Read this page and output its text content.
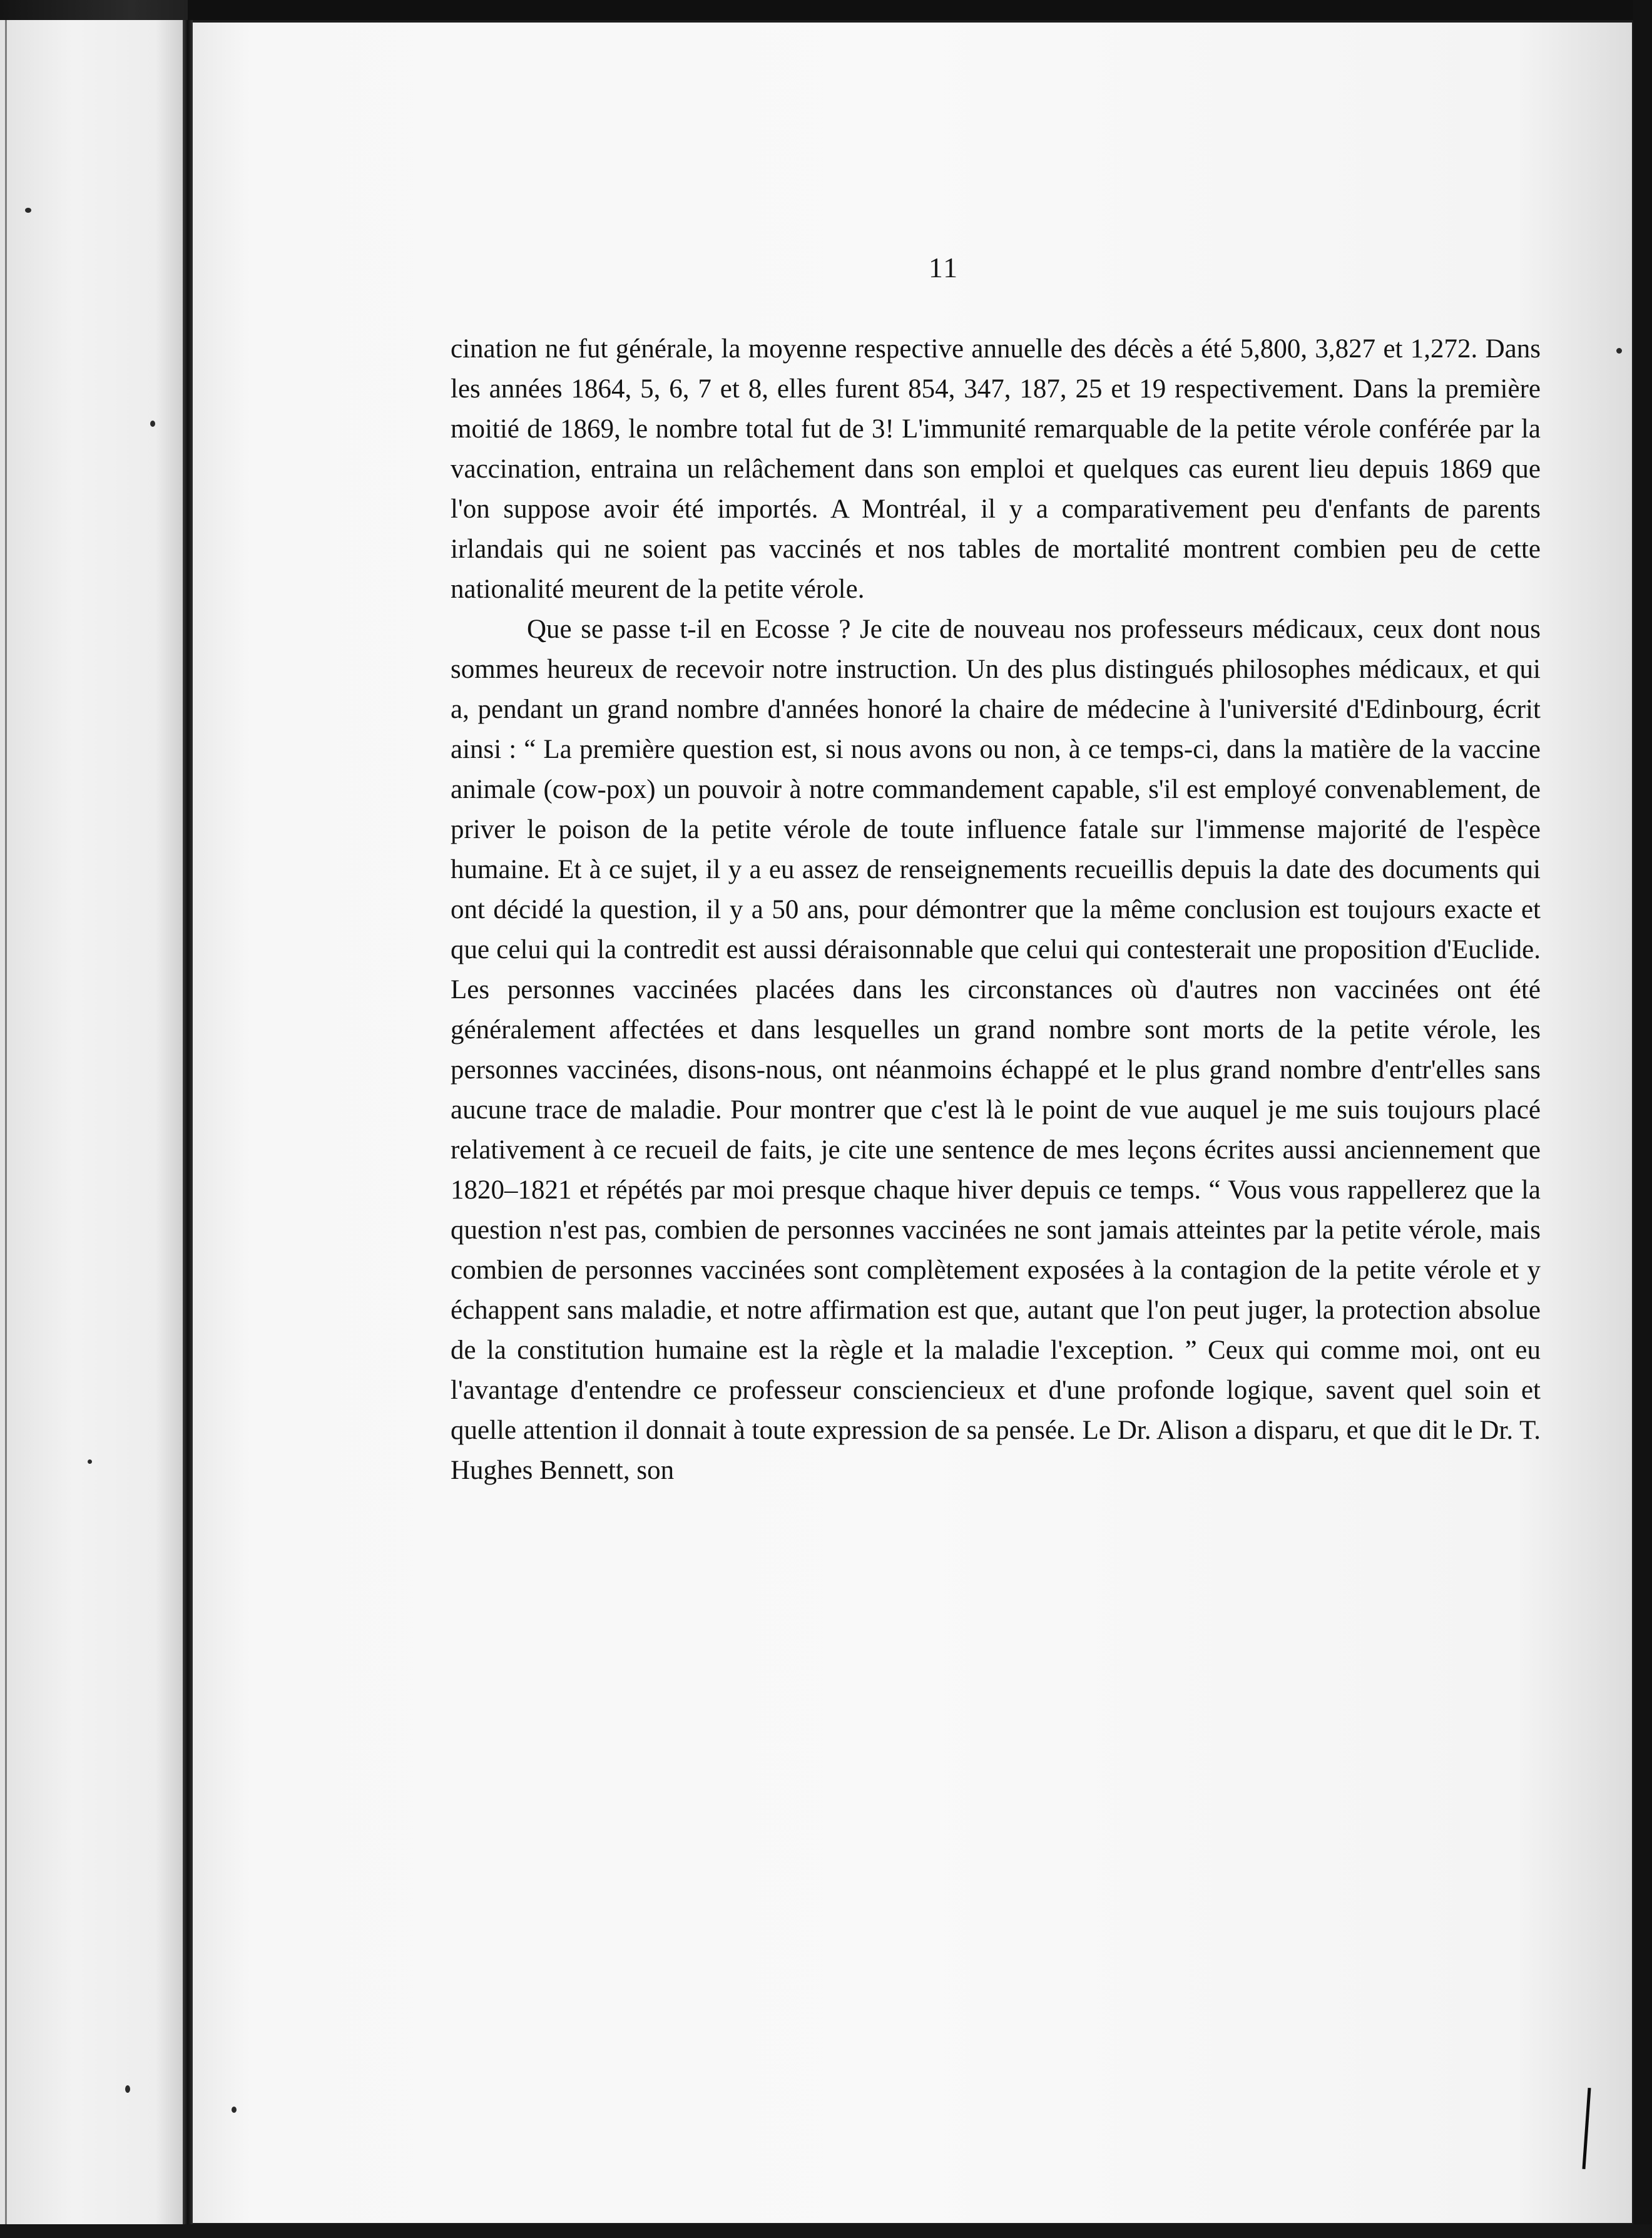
11

cination ne fut générale, la moyenne respective annuelle des décès a été 5,800, 3,827 et 1,272. Dans les années 1864, 5, 6, 7 et 8, elles furent 854, 347, 187, 25 et 19 respectivement. Dans la première moitié de 1869, le nombre total fut de 3! L'immunité remarquable de la petite vérole conférée par la vaccination, entraina un relâchement dans son emploi et quelques cas eurent lieu depuis 1869 que l'on suppose avoir été importés. A Montréal, il y a comparativement peu d'enfants de parents irlandais qui ne soient pas vaccinés et nos tables de mortalité montrent combien peu de cette nationalité meurent de la petite vérole.

Que se passe t-il en Ecosse ? Je cite de nouveau nos professeurs médicaux, ceux dont nous sommes heureux de recevoir notre instruction. Un des plus distingués philosophes médicaux, et qui a, pendant un grand nombre d'années honoré la chaire de médecine à l'université d'Edinbourg, écrit ainsi : “ La première question est, si nous avons ou non, à ce temps-ci, dans la matière de la vaccine animale (cow-pox) un pouvoir à notre commandement capable, s'il est employé convenablement, de priver le poison de la petite vérole de toute influence fatale sur l'immense majorité de l'espèce humaine. Et à ce sujet, il y a eu assez de renseignements recueillis depuis la date des documents qui ont décidé la question, il y a 50 ans, pour démontrer que la même conclusion est toujours exacte et que celui qui la contredit est aussi déraisonnable que celui qui contesterait une proposition d'Euclide. Les personnes vaccinées placées dans les circonstances où d'autres non vaccinées ont été généralement affectées et dans lesquelles un grand nombre sont morts de la petite vérole, les personnes vaccinées, disons-nous, ont néanmoins échappé et le plus grand nombre d'entr'elles sans aucune trace de maladie. Pour montrer que c'est là le point de vue auquel je me suis toujours placé relativement à ce recueil de faits, je cite une sentence de mes leçons écrites aussi anciennement que 1820–1821 et répétés par moi presque chaque hiver depuis ce temps. “ Vous vous rappellerez que la question n'est pas, combien de personnes vaccinées ne sont jamais atteintes par la petite vérole, mais combien de personnes vaccinées sont complètement exposées à la contagion de la petite vérole et y échappent sans maladie, et notre affirmation est que, autant que l'on peut juger, la protection absolue de la constitution humaine est la règle et la maladie l'exception. ” Ceux qui comme moi, ont eu l'avantage d'entendre ce professeur consciencieux et d'une profonde logique, savent quel soin et quelle attention il donnait à toute expression de sa pensée. Le Dr. Alison a disparu, et que dit le Dr. T. Hughes Bennett, son
